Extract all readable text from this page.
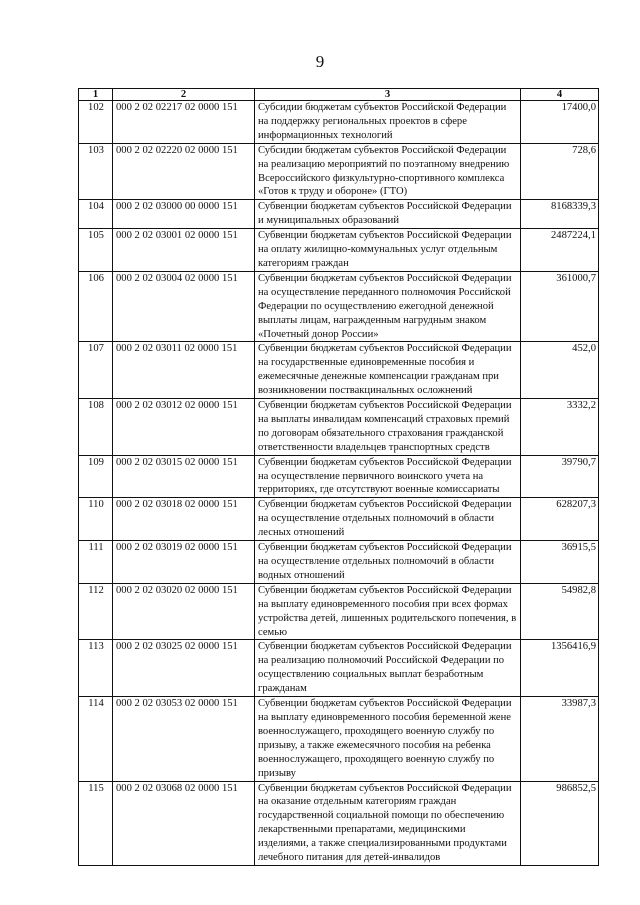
9
1	2	3	4
102	000 2 02 02217 02 0000 151	Субсидии бюджетам субъектов Российской Федерации на поддержку региональных проектов в сфере информационных технологий	17400,0
103	000 2 02 02220 02 0000 151	Субсидии бюджетам субъектов Российской Федерации на реализацию мероприятий по поэтапному внедрению Всероссийского физкультурно-спортивного комплекса «Готов к труду и обороне» (ГТО)	728,6
104	000 2 02 03000 00 0000 151	Субвенции бюджетам субъектов Российской Федерации и муниципальных образований	8168339,3
105	000 2 02 03001 02 0000 151	Субвенции бюджетам субъектов Российской Федерации на оплату жилищно-коммунальных услуг отдельным категориям граждан	2487224,1
106	000 2 02 03004 02 0000 151	Субвенции бюджетам субъектов Российской Федерации на осуществление переданного полномочия Российской Федерации по осуществлению ежегодной денежной выплаты лицам, награжденным нагрудным знаком «Почетный донор России»	361000,7
107	000 2 02 03011 02 0000 151	Субвенции бюджетам субъектов Российской Федерации на государственные единовременные пособия и ежемесячные денежные компенсации гражданам при возникновении поствакцинальных осложнений	452,0
108	000 2 02 03012 02 0000 151	Субвенции бюджетам субъектов Российской Федерации на выплаты инвалидам компенсаций страховых премий по договорам обязательного страхования гражданской ответственности владельцев транспортных средств	3332,2
109	000 2 02 03015 02 0000 151	Субвенции бюджетам субъектов Российской Федерации на осуществление первичного воинского учета на территориях, где отсутствуют военные комиссариаты	39790,7
110	000 2 02 03018 02 0000 151	Субвенции бюджетам субъектов Российской Федерации на осуществление отдельных полномочий в области лесных отношений	628207,3
111	000 2 02 03019 02 0000 151	Субвенции бюджетам субъектов Российской Федерации на осуществление отдельных полномочий в области водных отношений	36915,5
112	000 2 02 03020 02 0000 151	Субвенции бюджетам субъектов Российской Федерации на выплату единовременного пособия при всех формах устройства детей, лишенных родительского попечения, в семью	54982,8
113	000 2 02 03025 02 0000 151	Субвенции бюджетам субъектов Российской Федерации на реализацию полномочий Российской Федерации по осуществлению социальных выплат безработным гражданам	1356416,9
114	000 2 02 03053 02 0000 151	Субвенции бюджетам субъектов Российской Федерации на выплату единовременного пособия беременной жене военнослужащего, проходящего военную службу по призыву, а также ежемесячного пособия на ребенка военнослужащего, проходящего военную службу по призыву	33987,3
115	000 2 02 03068 02 0000 151	Субвенции бюджетам субъектов Российской Федерации на оказание отдельным категориям граждан государственной социальной помощи по обеспечению лекарственными препаратами, медицинскими изделиями, а также специализированными продуктами лечебного питания для детей-инвалидов	986852,5
